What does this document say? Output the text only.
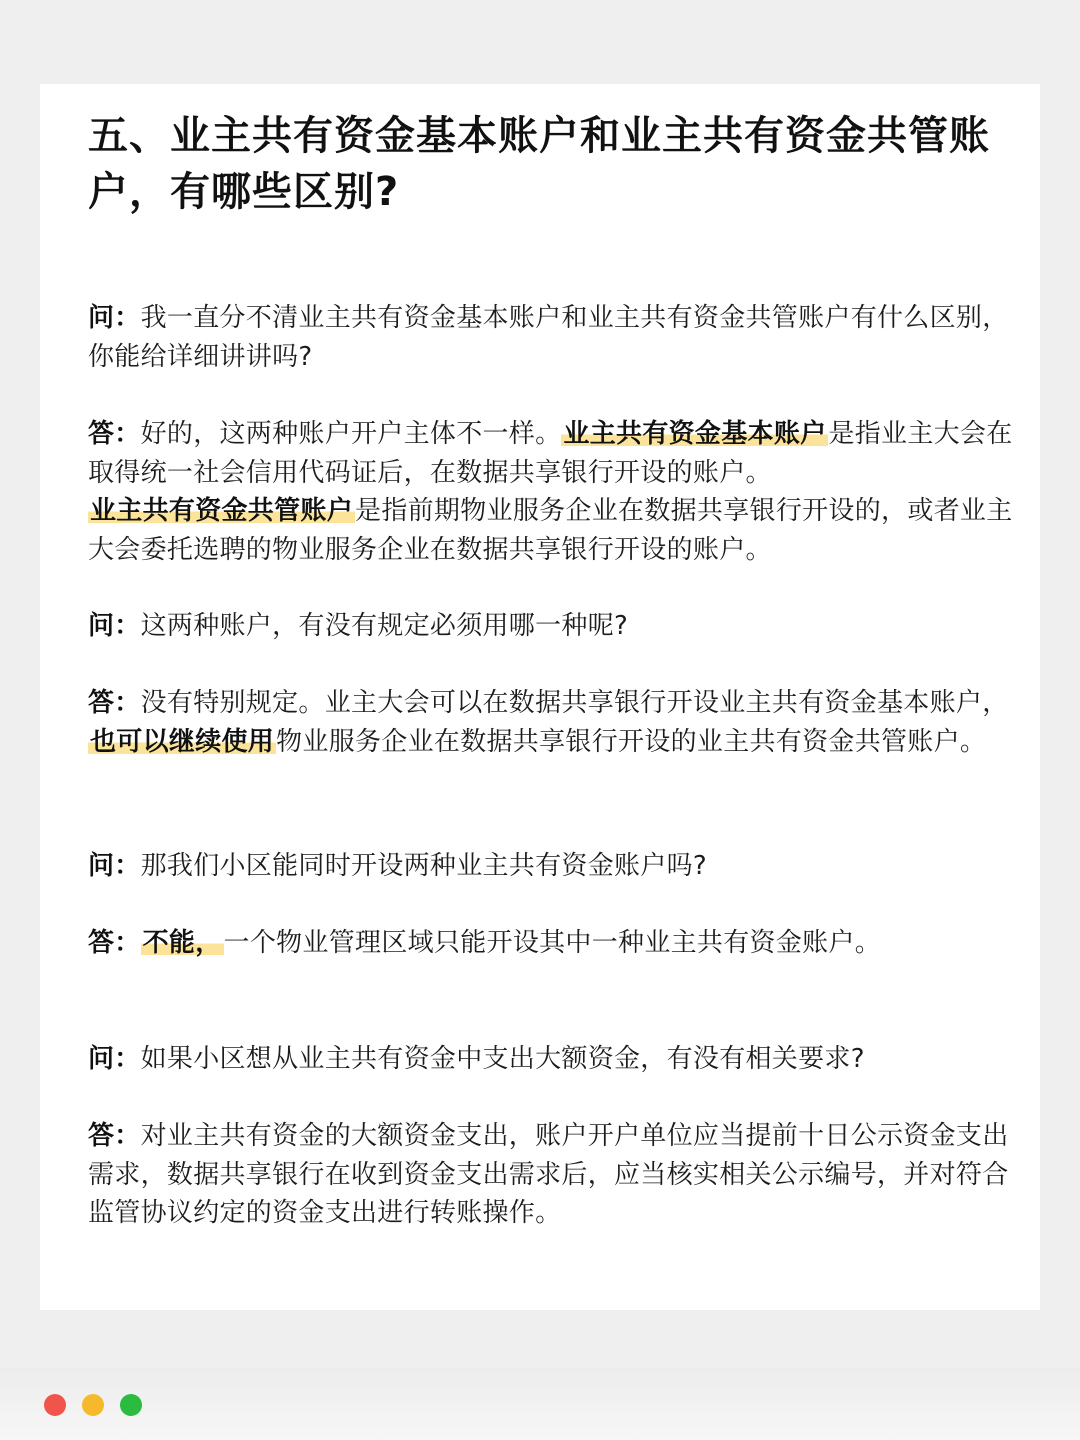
五、业主共有资金基本账户和业主共有资金共管账户，有哪些区别?

问：我一直分不清业主共有资金基本账户和业主共有资金共管账户有什么区别，你能给详细讲讲吗?

答：好的，这两种账户开户主体不一样。业主共有资金基本账户是指业主大会在取得统一社会信用代码证后，在数据共享银行开设的账户。
业主共有资金共管账户是指前期物业服务企业在数据共享银行开设的，或者业主大会委托选聘的物业服务企业在数据共享银行开设的账户。

问：这两种账户，有没有规定必须用哪一种呢?

答：没有特别规定。业主大会可以在数据共享银行开设业主共有资金基本账户，也可以继续使用物业服务企业在数据共享银行开设的业主共有资金共管账户。

问：那我们小区能同时开设两种业主共有资金账户吗?

答：不能，一个物业管理区域只能开设其中一种业主共有资金账户。

问：如果小区想从业主共有资金中支出大额资金，有没有相关要求?

答：对业主共有资金的大额资金支出，账户开户单位应当提前十日公示资金支出需求，数据共享银行在收到资金支出需求后，应当核实相关公示编号，并对符合监管协议约定的资金支出进行转账操作。
